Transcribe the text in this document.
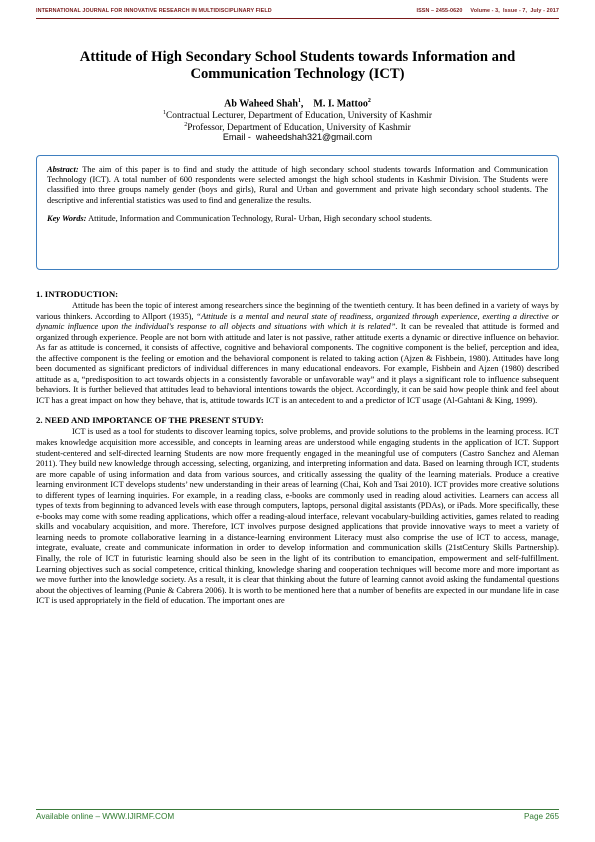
INTERNATIONAL JOURNAL FOR INNOVATIVE RESEARCH IN MULTIDISCIPLINARY FIELD	ISSN – 2455-0620     Volume - 3,  Issue - 7,  July - 2017
Attitude of High Secondary School Students towards Information and Communication Technology (ICT)
Ab Waheed Shah$^1$, M. I. Mattoo$^2$
$^1$Contractual Lecturer, Department of Education, University of Kashmir
$^2$Professor, Department of Education, University of Kashmir
Email - waheedshah321@gmail.com

Abstract: The aim of this paper is to find and study the attitude of high secondary school students towards Information and Communication Technology (ICT). A total number of 600 respondents were selected amongst the high school students in Kashmir Division. The Students were classified into three groups namely gender (boys and girls), Rural and Urban and government and private high secondary school students. The descriptive and inferential statistics was used to find and generalize the results.

Key Words: Attitude, Information and Communication Technology, Rural- Urban, High secondary school students.

1. INTRODUCTION:

Attitude has been the topic of interest among researchers since the beginning of the twentieth century. It has been defined in a variety of ways by various thinkers. According to Allport (1935), “Attitude is a mental and neural state of readiness, organized through experience, exerting a directive or dynamic influence upon the individual's response to all objects and situations with which it is related”. It can be revealed that attitude is formed and organized through experience. People are not born with attitude and later is not passive, rather attitude exerts a dynamic or directive influence on behavior. As far as attitude is concerned, it consists of affective, cognitive and behavioral components. The cognitive component is the belief, perception and idea, the affective component is the feeling or emotion and the behavioral component is related to taking action (Ajzen & Fishbein, 1980). Attitudes have long been documented as significant predictors of individual differences in many educational endeavors. For example, Fishbein and Ajzen (1980) described attitude as a, “predisposition to act towards objects in a consistently favorable or unfavorable way” and it plays a significant role to influence subsequent behaviors. It is further believed that attitudes lead to behavioral intentions towards the object. Accordingly, it can be said how people think and feel about ICT has a great impact on how they behave, that is, attitude towards ICT is an antecedent to and a predictor of ICT usage (Al-Gahtani & King, 1999).

2. NEED AND IMPORTANCE OF THE PRESENT STUDY:

ICT is used as a tool for students to discover learning topics, solve problems, and provide solutions to the problems in the learning process. ICT makes knowledge acquisition more accessible, and concepts in learning areas are understood while engaging students in the application of ICT. Support student-centered and self-directed learning Students are now more frequently engaged in the meaningful use of computers (Castro Sanchez and Aleman 2011). They build new knowledge through accessing, selecting, organizing, and interpreting information and data. Based on learning through ICT, students are more capable of using information and data from various sources, and critically assessing the quality of the learning materials. Produce a creative learning environment ICT develops students’ new understanding in their areas of learning (Chai, Koh and Tsai 2010). ICT provides more creative solutions to different types of learning inquiries. For example, in a reading class, e-books are commonly used in reading aloud activities. Learners can access all types of texts from beginning to advanced levels with ease through computers, laptops, personal digital assistants (PDAs), or iPads. More specifically, these e-books may come with some reading applications, which offer a reading-aloud interface, relevant vocabulary-building activities, games related to reading skills and vocabulary acquisition, and more. Therefore, ICT involves purpose designed applications that provide innovative ways to meet a variety of learning needs to promote collaborative learning in a distance-learning environment Literacy must also comprise the use of ICT to access, manage, integrate, evaluate, create and communicate information in order to develop information and communication skills (21stCentury Skills Partnership). Finally, the role of ICT in futuristic learning should also be seen in the light of its contribution to emancipation, empowerment and self-fulfillment. Learning objectives such as social competence, critical thinking, knowledge sharing and cooperation techniques will become more and more important as we move further into the knowledge society. As a result, it is clear that thinking about the future of learning cannot avoid asking the fundamental questions about the objectives of learning (Punie & Cabrera 2006). It is worth to be mentioned here that a number of benefits are expected in our mundane life in case ICT is used appropriately in the field of education. The important ones are

Available online – WWW.IJIRMF.COM	Page 265
